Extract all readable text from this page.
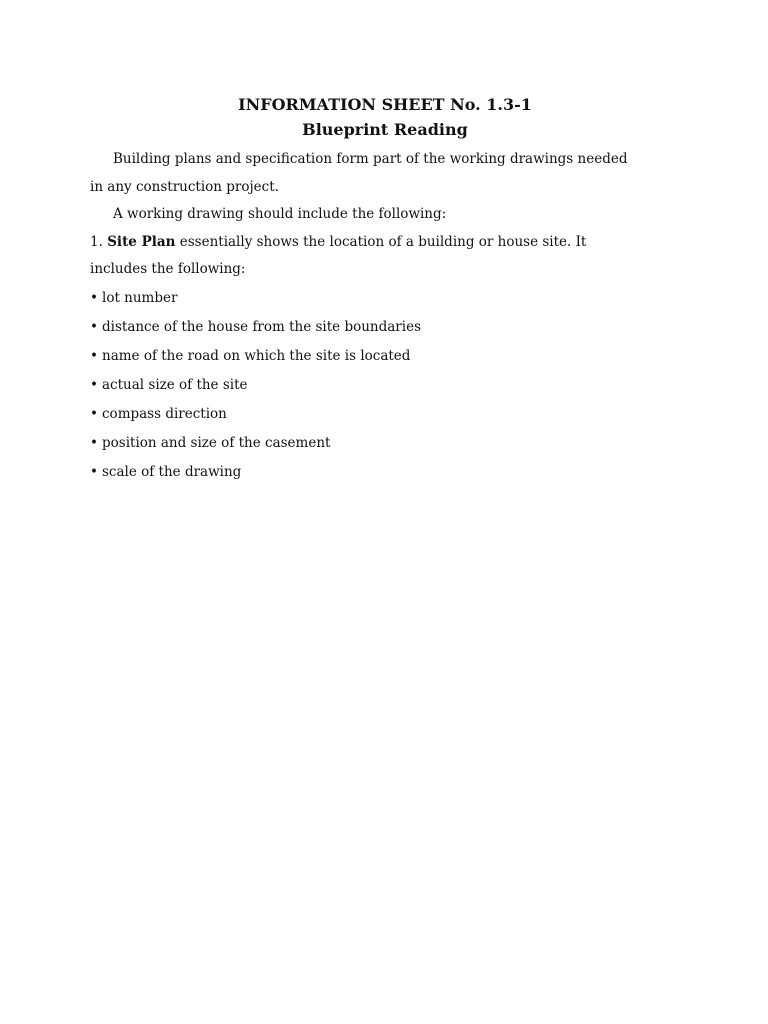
INFORMATION SHEET No. 1.3-1
Blueprint Reading

Building plans and specification form part of the working drawings needed

in any construction project.

A working drawing should include the following:

1. Site Plan essentially shows the location of a building or house site. It

includes the following:

• lot number
• distance of the house from the site boundaries
• name of the road on which the site is located
• actual size of the site
• compass direction
• position and size of the casement
• scale of the drawing
